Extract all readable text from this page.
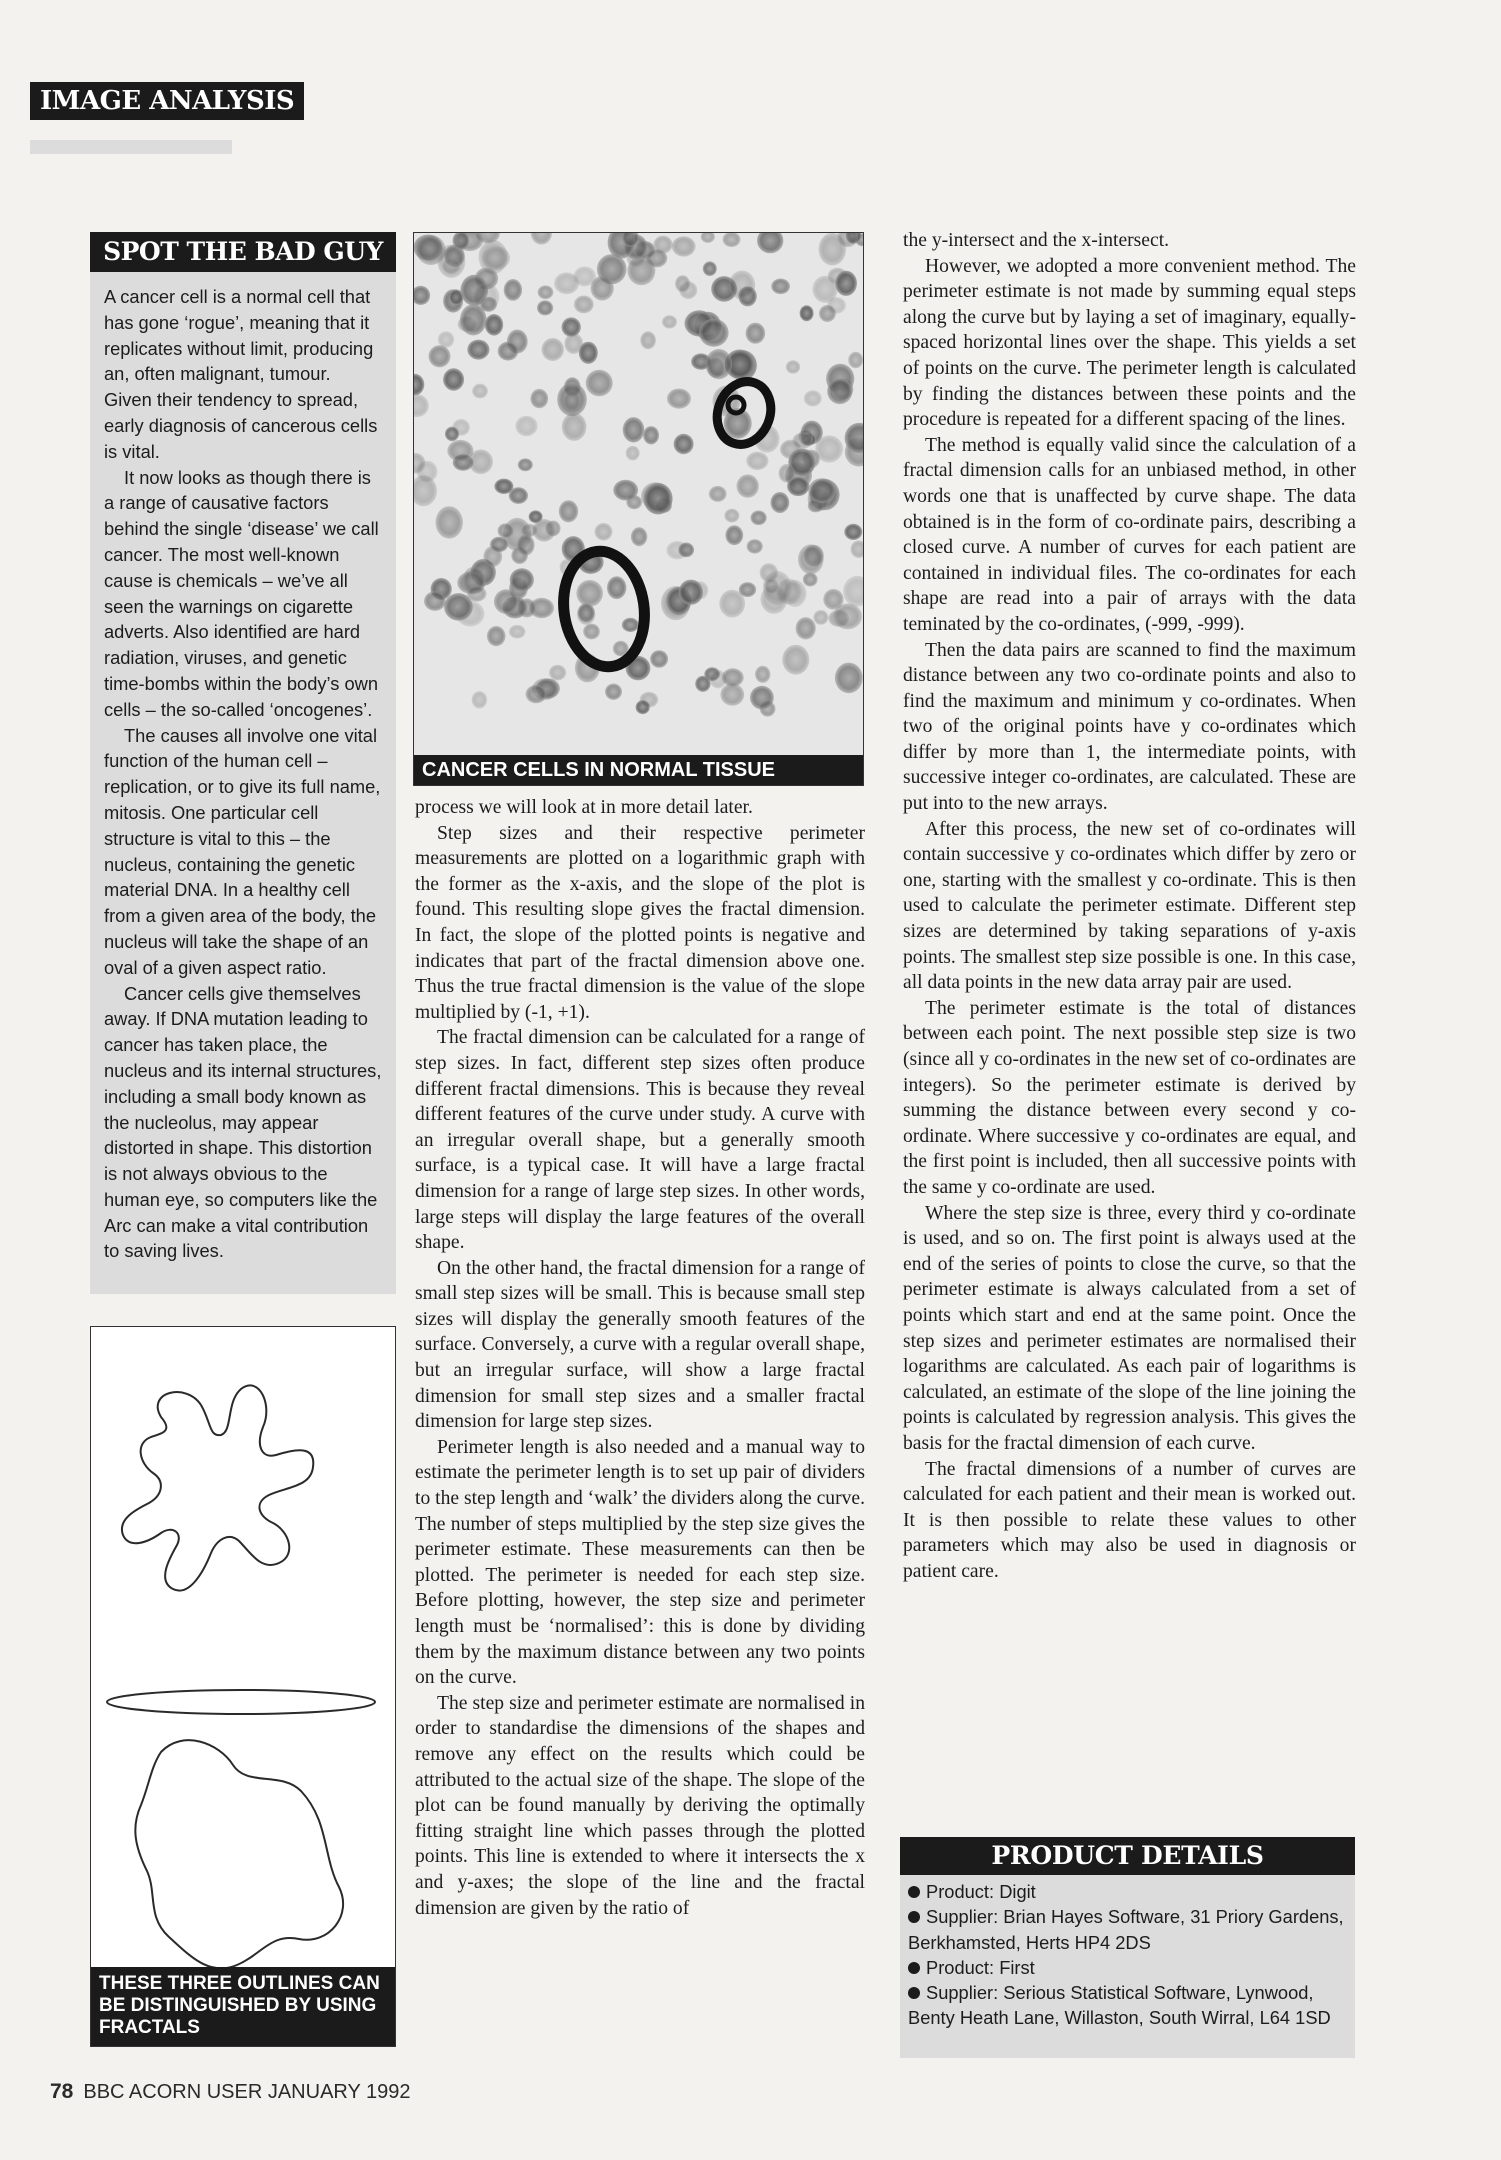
IMAGE ANALYSIS
SPOT THE BAD GUY

A cancer cell is a normal cell that has gone ‘rogue’, meaning that it replicates without limit, producing an, often malignant, tumour. Given their tendency to spread, early diagnosis of cancerous cells is vital.

It now looks as though there is a range of causative factors behind the single ‘disease’ we call cancer. The most well-known cause is chemicals – we’ve all seen the warnings on cigarette adverts. Also identified are hard radiation, viruses, and genetic time-bombs within the body’s own cells – the so-called ‘oncogenes’.

The causes all involve one vital function of the human cell – replication, or to give its full name, mitosis. One particular cell structure is vital to this – the nucleus, containing the genetic material DNA. In a healthy cell from a given area of the body, the nucleus will take the shape of an oval of a given aspect ratio.

Cancer cells give themselves away. If DNA mutation leading to cancer has taken place, the nucleus and its internal structures, including a small body known as the nucleolus, may appear distorted in shape. This distortion is not always obvious to the human eye, so computers like the Arc can make a vital contribution to saving lives.

THESE THREE OUTLINES CAN BE DISTINGUISHED BY USING FRACTALS
CANCER CELLS IN NORMAL TISSUE

process we will look at in more detail later.

Step sizes and their respective perimeter measurements are plotted on a logarithmic graph with the former as the x-axis, and the slope of the plot is found. This resulting slope gives the fractal dimension. In fact, the slope of the plotted points is negative and indicates that part of the fractal dimension above one. Thus the true fractal dimension is the value of the slope multiplied by (-1, +1).

The fractal dimension can be calculated for a range of step sizes. In fact, different step sizes often produce different fractal dimensions. This is because they reveal different features of the curve under study. A curve with an irregular overall shape, but a generally smooth surface, is a typical case. It will have a large fractal dimension for a range of large step sizes. In other words, large steps will display the large features of the overall shape.

On the other hand, the fractal dimension for a range of small step sizes will be small. This is because small step sizes will display the generally smooth features of the surface. Conversely, a curve with a regular overall shape, but an irregular surface, will show a large fractal dimension for small step sizes and a smaller fractal dimension for large step sizes.

Perimeter length is also needed and a manual way to estimate the perimeter length is to set up pair of dividers to the step length and ‘walk’ the dividers along the curve. The number of steps multiplied by the step size gives the perimeter estimate. These measurements can then be plotted. The perimeter is needed for each step size. Before plotting, however, the step size and perimeter length must be ‘normalised’: this is done by dividing them by the maximum distance between any two points on the curve.

The step size and perimeter estimate are normalised in order to standardise the dimensions of the shapes and remove any effect on the results which could be attributed to the actual size of the shape. The slope of the plot can be found manually by deriving the optimally fitting straight line which passes through the plotted points. This line is extended to where it intersects the x and y-axes; the slope of the line and the fractal dimension are given by the ratio of

the y-intersect and the x-intersect.

However, we adopted a more convenient method. The perimeter estimate is not made by summing equal steps along the curve but by laying a set of imaginary, equally-spaced horizontal lines over the shape. This yields a set of points on the curve. The perimeter length is calculated by finding the distances between these points and the procedure is repeated for a different spacing of the lines.

The method is equally valid since the calculation of a fractal dimension calls for an unbiased method, in other words one that is unaffected by curve shape. The data obtained is in the form of co-ordinate pairs, describing a closed curve. A number of curves for each patient are contained in individual files. The co-ordinates for each shape are read into a pair of arrays with the data teminated by the co-ordinates, (-999, -999).

Then the data pairs are scanned to find the maximum distance between any two co-ordinate points and also to find the maximum and minimum y co-ordinates. When two of the original points have y co-ordinates which differ by more than 1, the intermediate points, with successive integer co-ordinates, are calculated. These are put into to the new arrays.

After this process, the new set of co-ordinates will contain successive y co-ordinates which differ by zero or one, starting with the smallest y co-ordinate. This is then used to calculate the perimeter estimate. Different step sizes are determined by taking separations of y-axis points. The smallest step size possible is one. In this case, all data points in the new data array pair are used.

The perimeter estimate is the total of distances between each point. The next possible step size is two (since all y co-ordinates in the new set of co-ordinates are integers). So the perimeter estimate is derived by summing the distance between every second y co-ordinate. Where successive y co-ordinates are equal, and the first point is included, then all successive points with the same y co-ordinate are used.

Where the step size is three, every third y co-ordinate is used, and so on. The first point is always used at the end of the series of points to close the curve, so that the perimeter estimate is always calculated from a set of points which start and end at the same point. Once the step sizes and perimeter estimates are normalised their logarithms are calculated. As each pair of logarithms is calculated, an estimate of the slope of the line joining the points is calculated by regression analysis. This gives the basis for the fractal dimension of each curve.

The fractal dimensions of a number of curves are calculated for each patient and their mean is worked out. It is then possible to relate these values to other parameters which may also be used in diagnosis or patient care.

PRODUCT DETAILS
Product: Digit
Supplier: Brian Hayes Software, 31 Priory Gardens, Berkhamsted, Herts HP4 2DS
Product: First
Supplier: Serious Statistical Software, Lynwood, Benty Heath Lane, Willaston, South Wirral, L64 1SD
78 BBC ACORN USER JANUARY 1992
